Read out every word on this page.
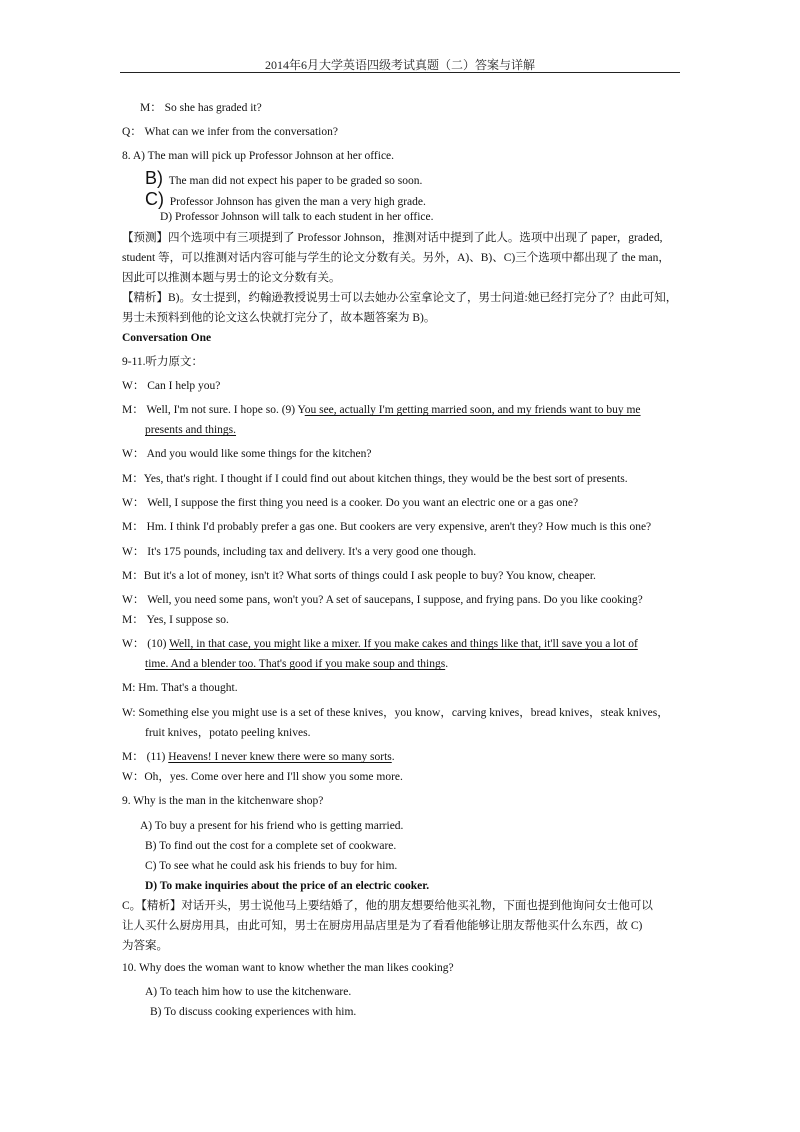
2014年6月大学英语四级考试真题（二）答案与详解
M： So she has graded it?
Q： What can we infer from the conversation?
8. A) The man will pick up Professor Johnson at her office.
B) The man did not expect his paper to be graded so soon.
C) Professor Johnson has given the man a very high grade.
D) Professor Johnson will talk to each student in her office.
【预测】四个选项中有三项提到了 Professor Johnson，推测对话中提到了此人。选项中出现了 paper，graded,
student 等，可以推测对话内容可能与学生的论文分数有关。另外，A)、B)、C)三个选项中都出现了 the man，
因此可以推测本题与男士的论文分数有关。
【精析】B)。女士提到，约翰逊教授说男士可以去她办公室拿论文了，男士问道:她已经打完分了？由此可知，
男士未预料到他的论文这么快就打完分了，故本题答案为 B)。
Conversation One
9-11.听力原文：
W： Can I help you?
M： Well, I'm not sure. I hope so. (9) You see, actually I'm getting married soon, and my friends want to buy me
presents and things.
W： And you would like some things for the kitchen?
M：Yes, that's right. I thought if I could find out about kitchen things, they would be the best sort of presents.
W： Well, I suppose the first thing you need is a cooker. Do you want an electric one or a gas one?
M： Hm. I think I'd probably prefer a gas one. But cookers are very expensive, aren't they? How much is this one?
W： It's 175 pounds, including tax and delivery. It's a very good one though.
M：But it's a lot of money, isn't it? What sorts of things could I ask people to buy? You know, cheaper.
W： Well, you need some pans, won't you? A set of saucepans, I suppose, and frying pans. Do you like cooking?
M： Yes, I suppose so.
W： (10) Well, in that case, you might like a mixer. If you make cakes and things like that, it'll save you a lot of
time. And a blender too. That's good if you make soup and things.
M: Hm. That's a thought.
W: Something else you might use is a set of these knives，you know，carving knives，bread knives，steak knives，
fruit knives，potato peeling knives.
M： (11) Heavens! I never knew there were so many sorts.
W：Oh，yes. Come over here and I'll show you some more.
9. Why is the man in the kitchenware shop?
A) To buy a present for his friend who is getting married.
B) To find out the cost for a complete set of cookware.
C) To see what he could ask his friends to buy for him.
D) To make inquiries about the price of an electric cooker.
C。【精析】对话开头，男士说他马上要结婚了，他的朋友想要给他买礼物，下面也提到他询问女士他可以
让人买什么厨房用具，由此可知，男士在厨房用品店里是为了看看他能够让朋友帮他买什么东西，故 C)
为答案。
10. Why does the woman want to know whether the man likes cooking?
A) To teach him how to use the kitchenware.
B) To discuss cooking experiences with him.
